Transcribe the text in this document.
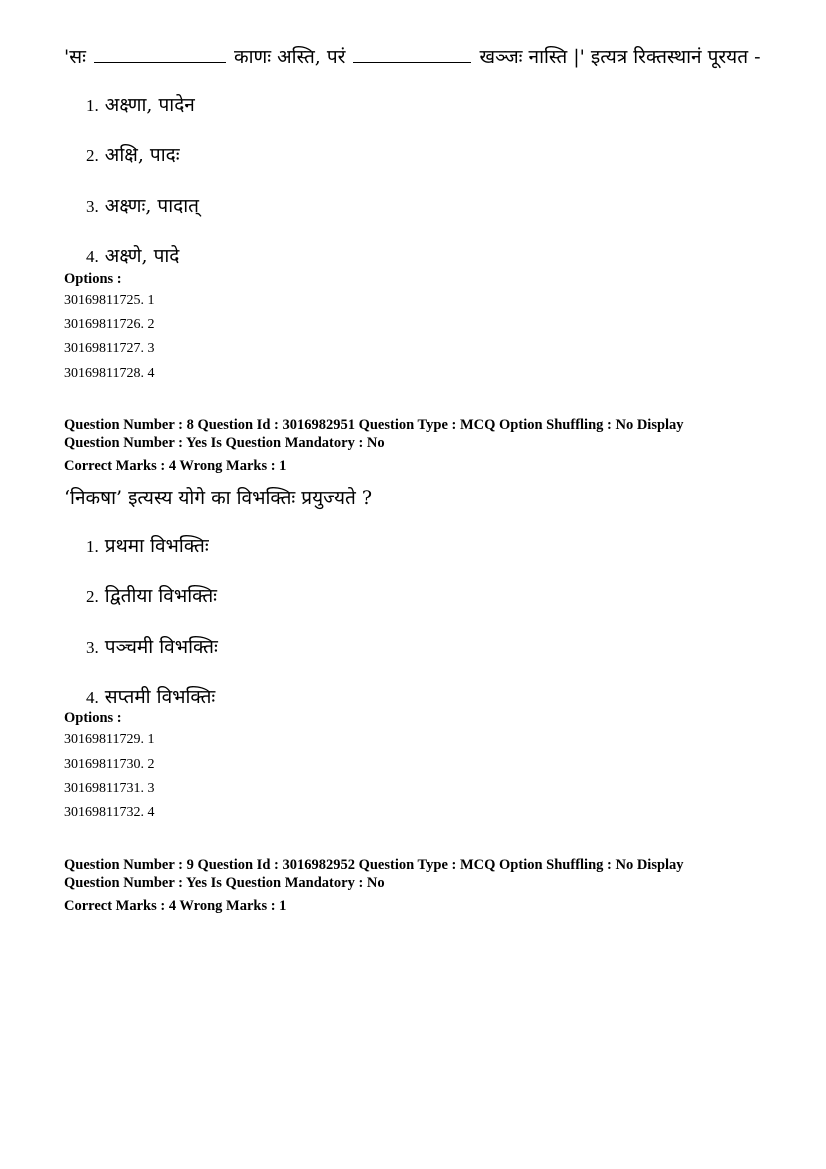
'सः	काणः अस्ति, परं	खञ्जः नास्ति |' इत्यत्र रिक्तस्थानं पूरयत -
1. अक्ष्णा, पादेन
2. अक्षि, पादः
3. अक्ष्णः, पादात्
4. अक्ष्णे, पादे
Options :
30169811725. 1
30169811726. 2
30169811727. 3
30169811728. 4
Question Number : 8 Question Id : 3016982951 Question Type : MCQ Option Shuffling : No Display
Question Number : Yes Is Question Mandatory : No
Correct Marks : 4 Wrong Marks : 1
‘निकषा’ इत्यस्य योगे का विभक्तिः प्रयुज्यते ?
1. प्रथमा विभक्तिः
2. द्वितीया विभक्तिः
3. पञ्चमी विभक्तिः
4. सप्तमी विभक्तिः
Options :
30169811729. 1
30169811730. 2
30169811731. 3
30169811732. 4
Question Number : 9 Question Id : 3016982952 Question Type : MCQ Option Shuffling : No Display
Question Number : Yes Is Question Mandatory : No
Correct Marks : 4 Wrong Marks : 1
